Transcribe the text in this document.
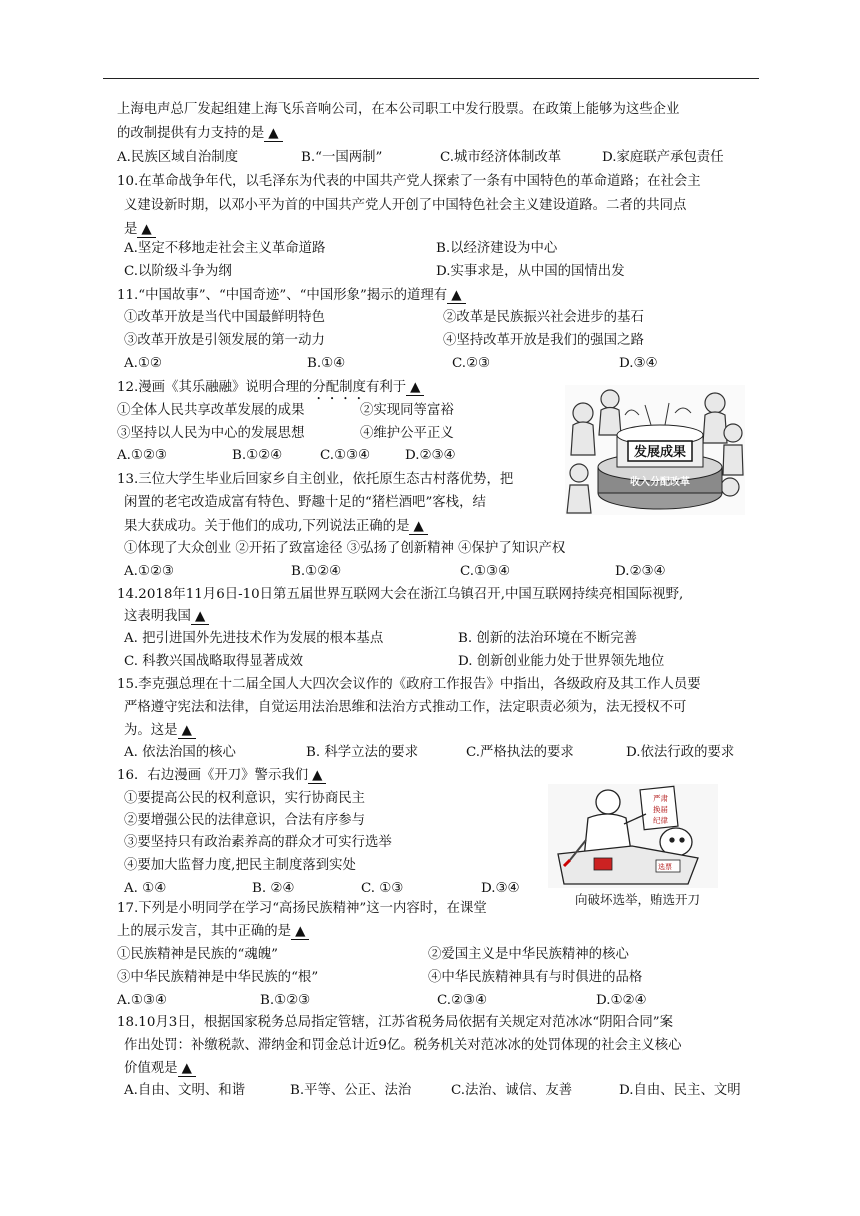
上海电声总厂发起组建上海飞乐音响公司，在本公司职工中发行股票。在政策上能够为这些企业
的改制提供有力支持的是 ▲
A.民族区域自治制度	B.“一国两制”	C.城市经济体制改革	D.家庭联产承包责任
10.在革命战争年代，以毛泽东为代表的中国共产党人探索了一条有中国特色的革命道路；在社会主
义建设新时期，以邓小平为首的中国共产党人开创了中国特色社会主义建设道路。二者的共同点
是 ▲
A.坚定不移地走社会主义革命道路	B.以经济建设为中心
C.以阶级斗争为纲	D.实事求是，从中国的国情出发
11.“中国故事”、“中国奇迹”、“中国形象”揭示的道理有 ▲
①改革开放是当代中国最鲜明特色	②改革是民族振兴社会进步的基石
③改革开放是引领发展的第一动力	④坚持改革开放是我们的强国之路
A.①②	B.①④	C.②③	D.③④
12.漫画《其乐融融》说明合理的分配制度有利于 ▲
①全体人民共享改革发展的成果	②实现同等富裕
③坚持以人民为中心的发展思想	④维护公平正义
A.①②③	B.①②④	C.①③④	D.②③④	发展成果
收入分配改革
13.三位大学生毕业后回家乡自主创业，依托原生态古村落优势，把
闲置的老宅改造成富有特色、野趣十足的“猪栏酒吧”客栈，结
果大获成功。关于他们的成功,下列说法正确的是 ▲
①体现了大众创业 ②开拓了致富途径 ③弘扬了创新精神 ④保护了知识产权
A.①②③	B.①②④	C.①③④	D.②③④
14.2018年11月6日-10日第五届世界互联网大会在浙江乌镇召开,中国互联网持续亮相国际视野,
这表明我国 ▲
A. 把引进国外先进技术作为发展的根本基点	B. 创新的法治环境在不断完善
C. 科教兴国战略取得显著成效	D. 创新创业能力处于世界领先地位
15.李克强总理在十二届全国人大四次会议作的《政府工作报告》中指出，各级政府及其工作人员要
严格遵守宪法和法律，自觉运用法治思维和法治方式推动工作，法定职责必须为，法无授权不可
为。这是 ▲
A. 依法治国的核心	B. 科学立法的要求	C.严格执法的要求	D.依法行政的要求
16．右边漫画《开刀》警示我们 ▲
①要提高公民的权利意识，实行协商民主
②要增强公民的法律意识，合法有序参与
③要坚持只有政治素养高的群众才可实行选举
④要加大监督力度,把民主制度落到实处
A. ①④	B. ②④	C. ①③	D.③④
严肃
换届
纪律
选票
向破坏选举，贿选开刀
17.下列是小明同学在学习“高扬民族精神”这一内容时，在课堂
上的展示发言，其中正确的是 ▲
①民族精神是民族的“魂魄”	②爱国主义是中华民族精神的核心
③中华民族精神是中华民族的“根”	④中华民族精神具有与时俱进的品格
A.①③④	B.①②③	C.②③④	D.①②④
18.10月3日，根据国家税务总局指定管辖，江苏省税务局依据有关规定对范冰冰“阴阳合同”案
作出处罚：补缴税款、滞纳金和罚金总计近9亿。税务机关对范冰冰的处罚体现的社会主义核心
价值观是 ▲
A.自由、文明、和谐	B.平等、公正、法治	C.法治、诚信、友善	D.自由、民主、文明
